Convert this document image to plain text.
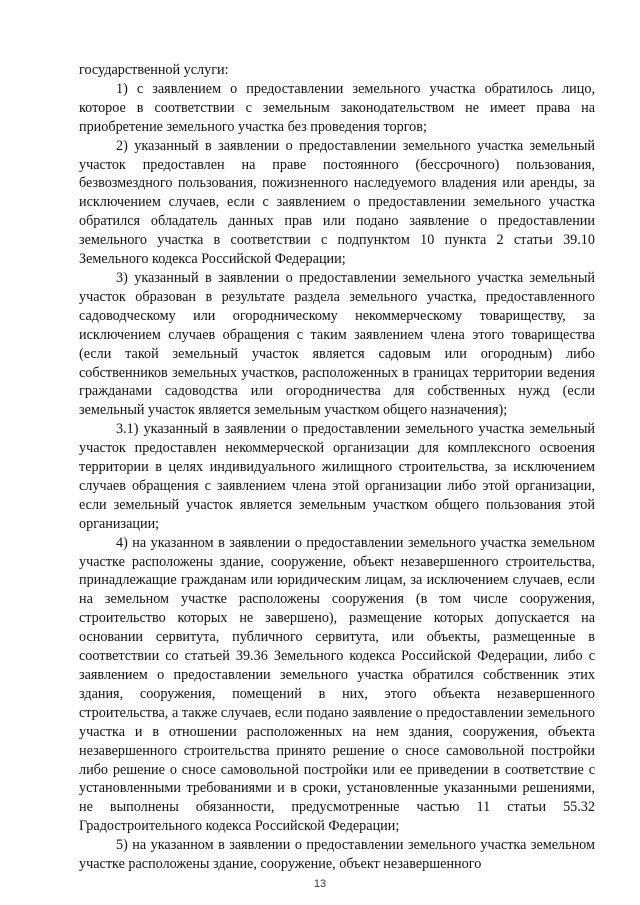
государственной услуги:

1) с заявлением о предоставлении земельного участка обратилось лицо, которое в соответствии с земельным законодательством не имеет права на приобретение земельного участка без проведения торгов;

2) указанный в заявлении о предоставлении земельного участка земельный участок предоставлен на праве постоянного (бессрочного) пользования, безвозмездного пользования, пожизненного наследуемого владения или аренды, за исключением случаев, если с заявлением о предоставлении земельного участка обратился обладатель данных прав или подано заявление о предоставлении земельного участка в соответствии с подпунктом 10 пункта 2 статьи 39.10 Земельного кодекса Российской Федерации;

3) указанный в заявлении о предоставлении земельного участка земельный участок образован в результате раздела земельного участка, предоставленного садоводческому или огородническому некоммерческому товариществу, за исключением случаев обращения с таким заявлением члена этого товарищества (если такой земельный участок является садовым или огородным) либо собственников земельных участков, расположенных в границах территории ведения гражданами садоводства или огородничества для собственных нужд (если земельный участок является земельным участком общего назначения);

3.1) указанный в заявлении о предоставлении земельного участка земельный участок предоставлен некоммерческой организации для комплексного освоения территории в целях индивидуального жилищного строительства, за исключением случаев обращения с заявлением члена этой организации либо этой организации, если земельный участок является земельным участком общего пользования этой организации;

4) на указанном в заявлении о предоставлении земельного участка земельном участке расположены здание, сооружение, объект незавершенного строительства, принадлежащие гражданам или юридическим лицам, за исключением случаев, если на земельном участке расположены сооружения (в том числе сооружения, строительство которых не завершено), размещение которых допускается на основании сервитута, публичного сервитута, или объекты, размещенные в соответствии со статьей 39.36 Земельного кодекса Российской Федерации, либо с заявлением о предоставлении земельного участка обратился собственник этих здания, сооружения, помещений в них, этого объекта незавершенного строительства, а также случаев, если подано заявление о предоставлении земельного участка и в отношении расположенных на нем здания, сооружения, объекта незавершенного строительства принято решение о сносе самовольной постройки либо решение о сносе самовольной постройки или ее приведении в соответствие с установленными требованиями и в сроки, установленные указанными решениями, не выполнены обязанности, предусмотренные частью 11 статьи 55.32 Градостроительного кодекса Российской Федерации;

5) на указанном в заявлении о предоставлении земельного участка земельном участке расположены здание, сооружение, объект незавершенного

13
